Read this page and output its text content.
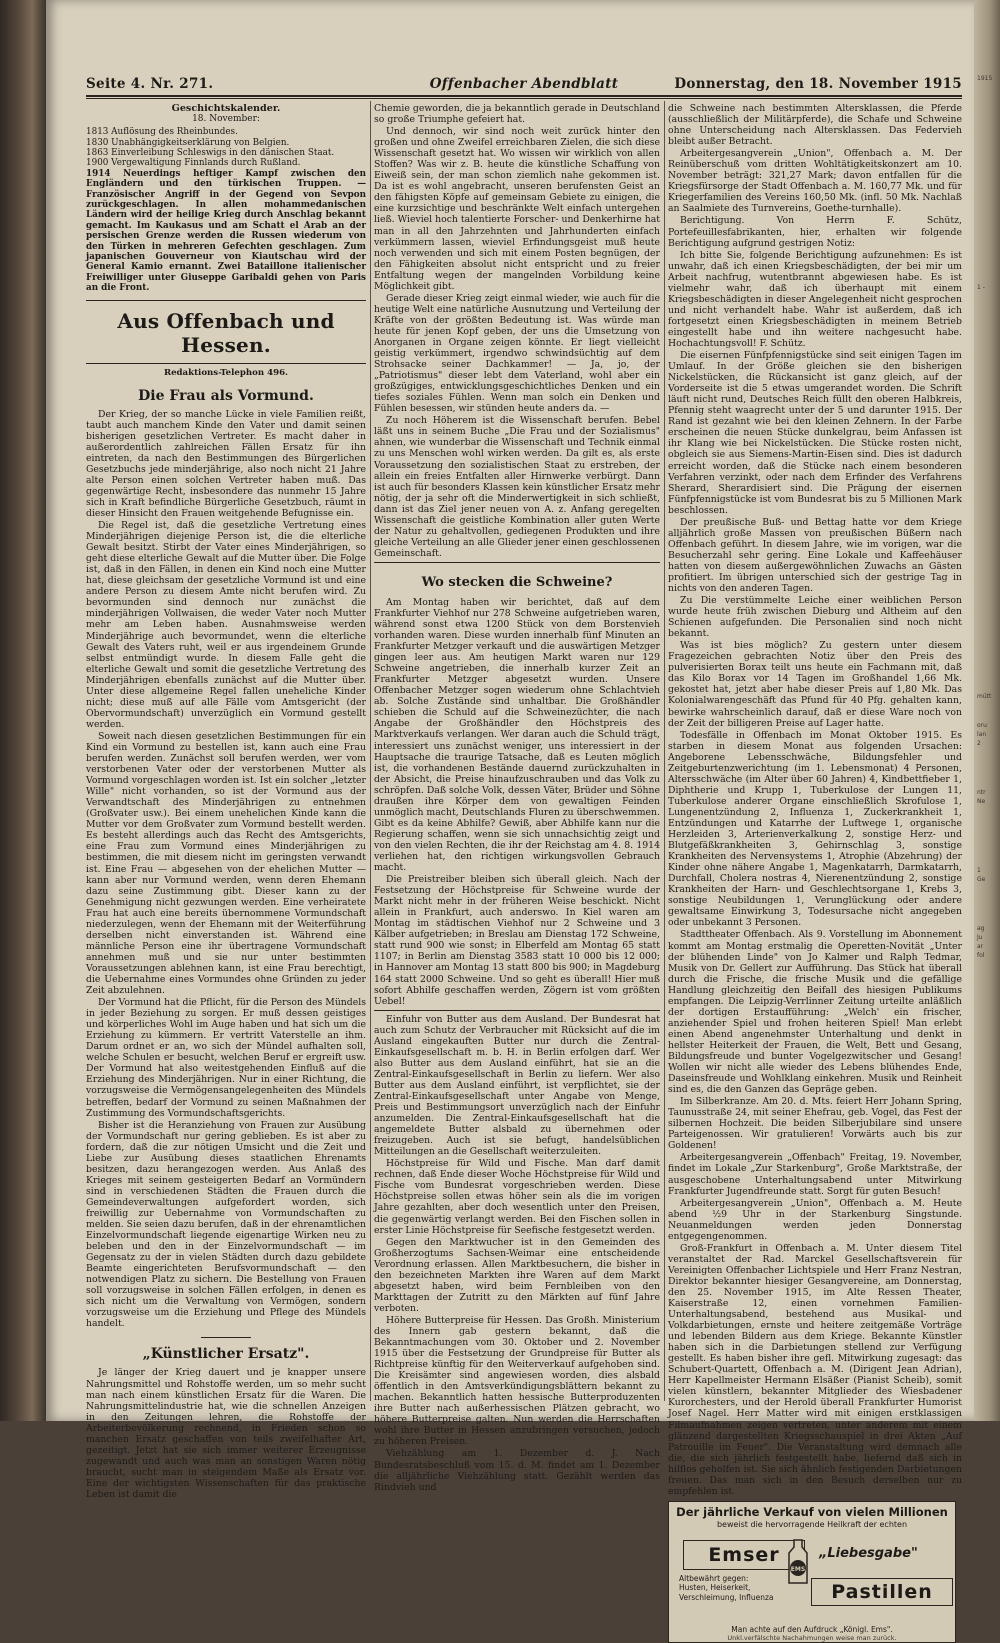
Seite 4. Nr. 271.	Offenbacher Abendblatt	Donnerstag, den 18. November 1915

Geschichtskalender.

18. November:

1813 Auflösung des Rheinbundes.

1830 Unabhängigkeitserklärung von Belgien.

1863 Einverleibung Schleswigs in den dänischen Staat.

1900 Vergewaltigung Finnlands durch Rußland.

1914 Neuerdings heftiger Kampf zwischen den Engländern und den türkischen Truppen. — Französischer Angriff in der Gegend von Sevpon zurückgeschlagen. In allen mohammedanischen Ländern wird der heilige Krieg durch Anschlag bekannt gemacht. Im Kaukasus und am Schatt el Arab an der persischen Grenze werden die Russen wiederum von den Türken in mehreren Gefechten geschlagen. Zum japanischen Gouverneur von Kiautschau wird der General Kamio ernannt. Zwei Bataillone italienischer Freiwilliger unter Giuseppe Garibaldi gehen von Paris an die Front.

Aus Offenbach und Hessen.
Redaktions-Telephon 496.
Die Frau als Vormund.

Der Krieg, der so manche Lücke in viele Familien reißt, taubt auch manchem Kinde den Vater und damit seinen bisherigen gesetzlichen Vertreter. Es macht daher in außerordentlich zahlreichen Fällen Ersatz für ihn eintreten, da nach den Bestimmungen des Bürgerlichen Gesetzbuchs jede minderjährige, also noch nicht 21 Jahre alte Person einen solchen Vertreter haben muß. Das gegenwärtige Recht, insbesondere das nunmehr 15 Jahre sich in Kraft befindliche Bürgerliche Gesetzbuch, räumt in dieser Hinsicht den Frauen weitgehende Befugnisse ein.

Die Regel ist, daß die gesetzliche Vertretung eines Minderjährigen diejenige Person ist, die die elterliche Gewalt besitzt. Stirbt der Vater eines Minderjährigen, so geht diese elterliche Gewalt auf die Mutter über. Die Folge ist, daß in den Fällen, in denen ein Kind noch eine Mutter hat, diese gleichsam der gesetzliche Vormund ist und eine andere Person zu diesem Amte nicht berufen wird. Zu bevormunden sind dennoch nur zunächst die minderjährigen Vollwaisen, die weder Vater noch Mutter mehr am Leben haben. Ausnahmsweise werden Minderjährige auch bevormundet, wenn die elterliche Gewalt des Vaters ruht, weil er aus irgendeinem Grunde selbst entmündigt wurde. In diesem Falle geht die elterliche Gewalt und somit die gesetzliche Vertretung des Minderjährigen ebenfalls zunächst auf die Mutter über. Unter diese allgemeine Regel fallen uneheliche Kinder nicht; diese muß auf alle Fälle vom Amtsgericht (der Obervormundschaft) unverzüglich ein Vormund gestellt werden.

Soweit nach diesen gesetzlichen Bestimmungen für ein Kind ein Vormund zu bestellen ist, kann auch eine Frau berufen werden. Zunächst soll berufen werden, wer vom verstorbenen Vater oder der verstorbenen Mutter als Vormund vorgeschlagen worden ist. Ist ein solcher „letzter Wille" nicht vorhanden, so ist der Vormund aus der Verwandtschaft des Minderjährigen zu entnehmen (Großvater usw.). Bei einem unehelichen Kinde kann die Mutter vor dem Großvater zum Vormund bestellt werden. Es besteht allerdings auch das Recht des Amtsgerichts, eine Frau zum Vormund eines Minderjährigen zu bestimmen, die mit diesem nicht im geringsten verwandt ist. Eine Frau — abgesehen von der ehelichen Mutter — kann aber nur Vormund werden, wenn deren Ehemann dazu seine Zustimmung gibt. Dieser kann zu der Genehmigung nicht gezwungen werden. Eine verheiratete Frau hat auch eine bereits übernommene Vormundschaft niederzulegen, wenn der Ehemann mit der Weiterführung derselben nicht einverstanden ist. Während eine männliche Person eine ihr übertragene Vormundschaft annehmen muß und sie nur unter bestimmten Voraussetzungen ablehnen kann, ist eine Frau berechtigt, die Uebernahme eines Vormundes ohne Gründen zu jeder Zeit abzulehnen.

Der Vormund hat die Pflicht, für die Person des Mündels in jeder Beziehung zu sorgen. Er muß dessen geistiges und körperliches Wohl im Auge haben und hat sich um die Erziehung zu kümmern. Er vertritt Vaterstelle an ihm. Darum ordnet er an, wo sich der Mündel aufhalten soll, welche Schulen er besucht, welchen Beruf er ergreift usw. Der Vormund hat also weitestgehenden Einfluß auf die Erziehung des Minderjährigen. Nur in einer Richtung, die vorzugsweise die Vermögensangelegenheiten des Mündels betreffen, bedarf der Vormund zu seinen Maßnahmen der Zustimmung des Vormundschaftsgerichts.

Bisher ist die Heranziehung von Frauen zur Ausübung der Vormundschaft nur gering geblieben. Es ist aber zu fordern, daß die zur nötigen Umsicht und die Zeit und Liebe zur Ausübung dieses staatlichen Ehrenamts besitzen, dazu herangezogen werden. Aus Anlaß des Krieges mit seinem gesteigerten Bedarf an Vormündern sind in verschiedenen Städten die Frauen durch die Gemeindeverwaltungen aufgefordert worden, sich freiwillig zur Uebernahme von Vormundschaften zu melden. Sie seien dazu berufen, daß in der ehrenamtlichen Einzelvormundschaft liegende eigenartige Wirken neu zu beleben und den in der Einzelvormundschaft — im Gegensatz zu der in vielen Städten durch dazu gebildete Beamte eingerichteten Berufsvormundschaft — den notwendigen Platz zu sichern. Die Bestellung von Frauen soll vorzugsweise in solchen Fällen erfolgen, in denen es sich nicht um die Verwaltung von Vermögen, sondern vorzugsweise um die Erziehung und Pflege des Mündels handelt.

„Künstlicher Ersatz".

Je länger der Krieg dauert und je knapper unsere Nahrungsmittel und Rohstoffe werden, um so mehr sucht man nach einem künstlichen Ersatz für die Waren. Die Nahrungsmittelindustrie hat, wie die schnellen Anzeigen in den Zeitungen lehren, die Rohstoffe der Arbeiterbevölkerung rechnend, in Frieden schon so manchen Ersatz geschaffen von teils zweifelhafter Art, gezeitigt. Jetzt hat sie sich immer weiterer Erzeugnisse zugewandt und auch was man an sonstigen Waren nötig braucht, sucht man in steigendem Maße als Ersatz vor. Eine der wichtigsten Wissenschaften für das praktische Leben ist damit die

Chemie geworden, die ja bekanntlich gerade in Deutschland so große Triumphe gefeiert hat.

Und dennoch, wir sind noch weit zurück hinter den großen und ohne Zweifel erreichbaren Zielen, die sich diese Wissenschaft gesetzt hat. Wo wissen wir wirklich von allen Stoffen? Was wir z. B. heute die künstliche Schaffung von Eiweiß sein, der man schon ziemlich nahe gekommen ist. Da ist es wohl angebracht, unseren berufensten Geist an den fähigsten Köpfe auf gemeinsam Gebiete zu einigen, die eine kurzsichtige und beschränkte Welt einfach untergehen ließ. Wieviel hoch talentierte Forscher- und Denkerhirne hat man in all den Jahrzehnten und Jahrhunderten einfach verkümmern lassen, wieviel Erfindungsgeist muß heute noch verwenden und sich mit einem Posten begnügen, der den Fähigkeiten absolut nicht entspricht und zu freier Entfaltung wegen der mangelnden Vorbildung keine Möglichkeit gibt.

Gerade dieser Krieg zeigt einmal wieder, wie auch für die heutige Welt eine natürliche Ausnutzung und Verteilung der Kräfte von der größten Bedeutung ist. Was würde man heute für jenen Kopf geben, der uns die Umsetzung von Anorganen in Organe zeigen könnte. Er liegt vielleicht geistig verkümmert, irgendwo schwindsüchtig auf dem Strohsacke seiner Dachkammer! — Ja, jo, der „Patriotismus" dieser lebt dem Vaterland, wohl aber ein großzügiges, entwicklungsgeschichtliches Denken und ein tiefes soziales Fühlen. Wenn man solch ein Denken und Fühlen besessen, wir stünden heute anders da. —

Zu noch Höherem ist die Wissenschaft berufen. Bebel läßt uns in seinem Buche „Die Frau und der Sozialismus" ahnen, wie wunderbar die Wissenschaft und Technik einmal zu uns Menschen wohl wirken werden. Da gilt es, als erste Voraussetzung den sozialistischen Staat zu erstreben, der allein ein freies Entfalten aller Hirnwerke verbürgt. Dann ist auch für besonders Klassen kein künstlicher Ersatz mehr nötig, der ja sehr oft die Minderwertigkeit in sich schließt, dann ist das Ziel jener neuen von A. z. Anfang geregelten Wissenschaft die geistliche Kombination aller guten Werte der Natur zu gehaltvollen, gediegenen Produkten und ihre gleiche Verteilung an alle Glieder jener einen geschlossenen Gemeinschaft.

Wo stecken die Schweine?

Am Montag haben wir berichtet, daß auf dem Frankfurter Viehhof nur 278 Schweine aufgetrieben waren, während sonst etwa 1200 Stück von dem Borstenvieh vorhanden waren. Diese wurden innerhalb fünf Minuten an Frankfurter Metzger verkauft und die auswärtigen Metzger gingen leer aus. Am heutigen Markt waren nur 129 Schweine angetrieben, die innerhalb kurzer Zeit an Frankfurter Metzger abgesetzt wurden. Unsere Offenbacher Metzger sogen wiederum ohne Schlachtvieh ab. Solche Zustände sind unhaltbar. Die Großhändler schieben die Schuld auf die Schweinezüchter, die nach Angabe der Großhändler den Höchstpreis des Marktverkaufs verlangen. Wer daran auch die Schuld trägt, interessiert uns zunächst weniger, uns interessiert in der Hauptsache die traurige Tatsache, daß es Leuten möglich ist, die vorhandenen Bestände dauernd zurückzuhalten in der Absicht, die Preise hinaufzuschrauben und das Volk zu schröpfen. Daß solche Volk, dessen Väter, Brüder und Söhne draußen ihre Körper dem von gewaltigen Feinden unmöglich macht, Deutschlands Fluren zu überschwemmen. Gibt es da keine Abhilfe? Gewiß, aber Abhilfe kann nur die Regierung schaffen, wenn sie sich unnachsichtig zeigt und von den vielen Rechten, die ihr der Reichstag am 4. 8. 1914 verliehen hat, den richtigen wirkungsvollen Gebrauch macht.

Die Preistreiber bleiben sich überall gleich. Nach der Festsetzung der Höchstpreise für Schweine wurde der Markt nicht mehr in der früheren Weise beschickt. Nicht allein in Frankfurt, auch anderswo. In Kiel waren am Montag im städtischen Viehhof nur 2 Schweine und 3 Kälber aufgetrieben; in Breslau am Dienstag 172 Schweine, statt rund 900 wie sonst; in Elberfeld am Montag 65 statt 1107; in Berlin am Dienstag 3583 statt 10 000 bis 12 000; in Hannover am Montag 13 statt 800 bis 900; in Magdeburg 164 statt 2000 Schweine. Und so geht es überall! Hier muß sofort Abhilfe geschaffen werden, Zögern ist vom größten Uebel!

Einfuhr von Butter aus dem Ausland. Der Bundesrat hat auch zum Schutz der Verbraucher mit Rücksicht auf die im Ausland eingekauften Butter nur durch die Zentral-Einkaufsgesellschaft m. b. H. in Berlin erfolgen darf. Wer also Butter aus dem Ausland einführt, hat sie an die Zentral-Einkaufsgesellschaft in Berlin zu liefern. Wer also Butter aus dem Ausland einführt, ist verpflichtet, sie der Zentral-Einkaufsgesellschaft unter Angabe von Menge, Preis und Bestimmungsort unverzüglich nach der Einfuhr anzumelden. Die Zentral-Einkaufsgesellschaft hat die angemeldete Butter alsbald zu übernehmen oder freizugeben. Auch ist sie befugt, handelsüblichen Mitteilungen an die Gesellschaft weiterzuleiten.

Höchstpreise für Wild und Fische. Man darf damit rechnen, daß Ende dieser Woche Höchstpreise für Wild und Fische vom Bundesrat vorgeschrieben werden. Diese Höchstpreise sollen etwas höher sein als die im vorigen Jahre gezahlten, aber doch wesentlich unter den Preisen, die gegenwärtig verlangt werden. Bei den Fischen sollen in erster Linie Höchstpreise für Seefische festgesetzt werden.

Gegen den Marktwucher ist in den Gemeinden des Großherzogtums Sachsen-Weimar eine entscheidende Verordnung erlassen. Allen Marktbesuchern, die bisher in den bezeichneten Markten ihre Waren auf dem Markt abgesetzt haben, wird beim Fernbleiben von den Markttagen der Zutritt zu den Märkten auf fünf Jahre verboten.

Höhere Butterpreise für Hessen. Das Großh. Ministerium des Innern gab gestern bekannt, daß die Bekanntmachungen vom 30. Oktober und 2. November 1915 über die Festsetzung der Grundpreise für Butter als Richtpreise künftig für den Weiterverkauf aufgehoben sind. Die Kreisämter sind angewiesen worden, dies alsbald öffentlich in den Amtsverkündigungsblättern bekannt zu machen. Bekanntlich hatten hessische Butterproduzenten ihre Butter nach außerhessischen Plätzen gebracht, wo höhere Butterpreise galten. Nun werden die Herrschaften wohl ihre Butter in Hessen anzubringen versuchen, jedoch zu höheren Preisen.

Viehzählung am 1. Dezember d. J. Nach Bundesratsbeschluß vom 15. d. M. findet am 1. Dezember die alljährliche Viehzählung statt. Gezählt werden das Rindvieh und

die Schweine nach bestimmten Altersklassen, die Pferde (ausschließlich der Militärpferde), die Schafe und Schweine ohne Unterscheidung nach Altersklassen. Das Federvieh bleibt außer Betracht.

Arbeitergesangverein „Union", Offenbach a. M. Der Reinüberschuß vom dritten Wohltätigkeitskonzert am 10. November beträgt: 321,27 Mark; davon entfallen für die Kriegsfürsorge der Stadt Offenbach a. M. 160,77 Mk. und für Kriegerfamilien des Vereins 160,50 Mk. (infl. 50 Mk. Nachlaß an Saalmiete des Turnvereins, Goethe-turnhalle).

Berichtigung. Von Herrn F. Schütz, Portefeuillesfabrikanten, hier, erhalten wir folgende Berichtigung aufgrund gestrigen Notiz:

Ich bitte Sie, folgende Berichtigung aufzunehmen: Es ist unwahr, daß ich einen Kriegsbeschädigten, der bei mir um Arbeit nachfrug, wutentbrannt abgewiesen habe. Es ist vielmehr wahr, daß ich überhaupt mit einem Kriegsbeschädigten in dieser Angelegenheit nicht gesprochen und nicht verhandelt habe. Wahr ist außerdem, daß ich fortgesetzt einen Kriegsbeschädigten in meinem Betrieb eingestellt habe und ihn weitere nachgesucht habe. Hochachtungsvoll! F. Schütz.

Die eisernen Fünfpfennigstücke sind seit einigen Tagen im Umlauf. In der Größe gleichen sie den bisherigen Nickelstücken, die Rückansicht ist ganz gleich, auf der Vorderseite ist die 5 etwas umgerandet worden. Die Schrift läuft nicht rund, Deutsches Reich füllt den oberen Halbkreis, Pfennig steht waagrecht unter der 5 und darunter 1915. Der Rand ist gezahnt wie bei den kleinen Zehnern. In der Farbe erscheinen die neuen Stücke dunkelgrau, beim Anfassen ist ihr Klang wie bei Nickelstücken. Die Stücke rosten nicht, obgleich sie aus Siemens-Martin-Eisen sind. Dies ist dadurch erreicht worden, daß die Stücke nach einem besonderen Verfahren verzinkt, oder nach dem Erfinder des Verfahrens Sherard, Sherardisiert sind. Die Prägung der eisernen Fünfpfennigstücke ist vom Bundesrat bis zu 5 Millionen Mark beschlossen.

Der preußische Buß- und Bettag hatte vor dem Kriege alljährlich große Massen von preußischen Büßern nach Offenbach geführt. In diesem Jahre, wie im vorigen, war die Besucherzahl sehr gering. Eine Lokale und Kaffeehäuser hatten von diesem außergewöhnlichen Zuwachs an Gästen profitiert. Im übrigen unterschied sich der gestrige Tag in nichts von den anderen Tagen.

Zu Die verstümmelte Leiche einer weiblichen Person wurde heute früh zwischen Dieburg und Altheim auf den Schienen aufgefunden. Die Personalien sind noch nicht bekannt.

Was ist bies möglich? Zu gestern unter diesem Fragezeichen gebrachten Notiz über den Preis des pulverisierten Borax teilt uns heute ein Fachmann mit, daß das Kilo Borax vor 14 Tagen im Großhandel 1,66 Mk. gekostet hat, jetzt aber habe dieser Preis auf 1,80 Mk. Das Kolonialwarengeschäft das Pfund für 40 Pfg. gehalten kann, bewirke wahrscheinlich darauf, daß er diese Ware noch von der Zeit der billigeren Preise auf Lager hatte.

Todesfälle in Offenbach im Monat Oktober 1915. Es starben in diesem Monat aus folgenden Ursachen: Angeborene Lebensschwäche, Bildungsfehler und Zeitgeburtenzwerichtung (im 1. Lebensmonat) 4 Personen, Altersschwäche (im Alter über 60 Jahren) 4, Kindbettfieber 1, Diphtherie und Krupp 1, Tuberkulose der Lungen 11, Tuberkulose anderer Organe einschließlich Skrofulose 1, Lungenentzündung 2, Influenza 1, Zuckerkrankheit 1, Entzündungen und Katarrhe der Luftwege 1, organische Herzleiden 3, Arterienverkalkung 2, sonstige Herz- und Blutgefäßkrankheiten 3, Gehirnschlag 3, sonstige Krankheiten des Nervensystems 1, Atrophie (Abzehrung) der Kinder ohne nähere Angabe 1, Magenkatarrh, Darmkatarrh, Durchfall, Cholera nostras 4, Nierenentzündung 2, sonstige Krankheiten der Harn- und Geschlechtsorgane 1, Krebs 3, sonstige Neubildungen 1, Verunglückung oder andere gewaltsame Einwirkung 3, Todesursache nicht angegeben oder unbekannt 3 Personen.

Stadttheater Offenbach. Als 9. Vorstellung im Abonnement kommt am Montag erstmalig die Operetten-Novität „Unter der blühenden Linde" von Jo Kalmer und Ralph Tedmar, Musik von Dr. Gellert zur Aufführung. Das Stück hat überall durch die Frische, die frische Musik und die gefällige Handlung gleichzeitig den Beifall des hiesigen Publikums empfangen. Die Leipzig-Verrlinner Zeitung urteilte anläßlich der dortigen Erstaufführung: „Welch' ein frischer, anziehender Spiel und frohen heiteren Spiel! Man erlebt einen Abend angenehmster Unterhaltung und denkt in hellster Heiterkeit der Frauen, die Welt, Bett und Gesang, Bildungsfreude und bunter Vogelgezwitscher und Gesang! Wollen wir nicht alle wieder des Lebens blühendes Ende, Daseinsfreude und Wohlklang einkehren. Musik und Reinheit sind es, die den Ganzen das Gepräge geben.

Im Silberkranze. Am 20. d. Mts. feiert Herr Johann Spring, Taunusstraße 24, mit seiner Ehefrau, geb. Vogel, das Fest der silbernen Hochzeit. Die beiden Silberjubilare sind unsere Parteigenossen. Wir gratulieren! Vorwärts auch bis zur Goldenen!

Arbeitergesangverein „Offenbach" Freitag, 19. November, findet im Lokale „Zur Starkenburg", Große Marktstraße, der ausgeschobene Unterhaltungsabend unter Mitwirkung Frankfurter Jugendfreunde statt. Sorgt für guten Besuch!

Arbeitergesangverein „Union", Offenbach a. M. Heute abend ½9 Uhr in der Starkenburg Singstunde. Neuanmeldungen werden jeden Donnerstag entgegengenommen.

Groß-Frankfurt in Offenbach a. M. Unter diesem Titel veranstaltet der Rad. Marckel Gesellschaftsverein für Vereinigten Offenbacher Lichtspiele und Herr Franz Nestran, Direktor bekannter hiesiger Gesangvereine, am Donnerstag, den 25. November 1915, im Alte Ressen Theater, Kaiserstraße 12, einen vornehmen Familien-Unterhaltungsabend, bestehend aus Musikal- und Volkdarbietungen, ernste und heitere zeitgemäße Vorträge und lebenden Bildern aus dem Kriege. Bekannte Künstler haben sich in die Darbietungen stellend zur Verfügung gestellt. Es haben bisher ihre gefl. Mitwirkung zugesagt: das Schubert-Quartett, Offenbach a. M. (Dirigent Jean Adrian), Herr Kapellmeister Hermann Elsäßer (Pianist Scheib), somit vielen künstlern, bekannter Mitglieder des Wiesbadener Kurorchesters, und der Herold überall Frankfurter Humorist Josef Nagel. Herr Matter wird mit einigen erstklassigen Filmaufnahmen zeigen vertreten, unter anderem mit einem glänzend dargestellten Kriegsschauspiel in drei Akten „Auf Patrouille im Feuer". Die Veranstaltung wird demnach alle die, die sich jährlich festgestellt habe, liefernd daß sich in hilflos geholfen ist. Sie sich ähnlich festigenden Darbietungen freuen. Das man sich in den Besuch derselben nur zu empfehlen ist.

Der jährliche Verkauf von vielen Millionen
beweist die hervorragende Heilkraft der echten
Emser
EMS
„Liebesgabe"
Altbewährt gegen:
Husten, Heiserkeit,
Verschleimung, Influenza	Pastillen
Man achte auf den Aufdruck „Königl. Ems".
Unkl.verfälschte Nachahmungen weise man zurück.
1915
1 -
mütt
oru
lan
2
ntr
Ne
1
Ge
ag
Ju
ar
fol
